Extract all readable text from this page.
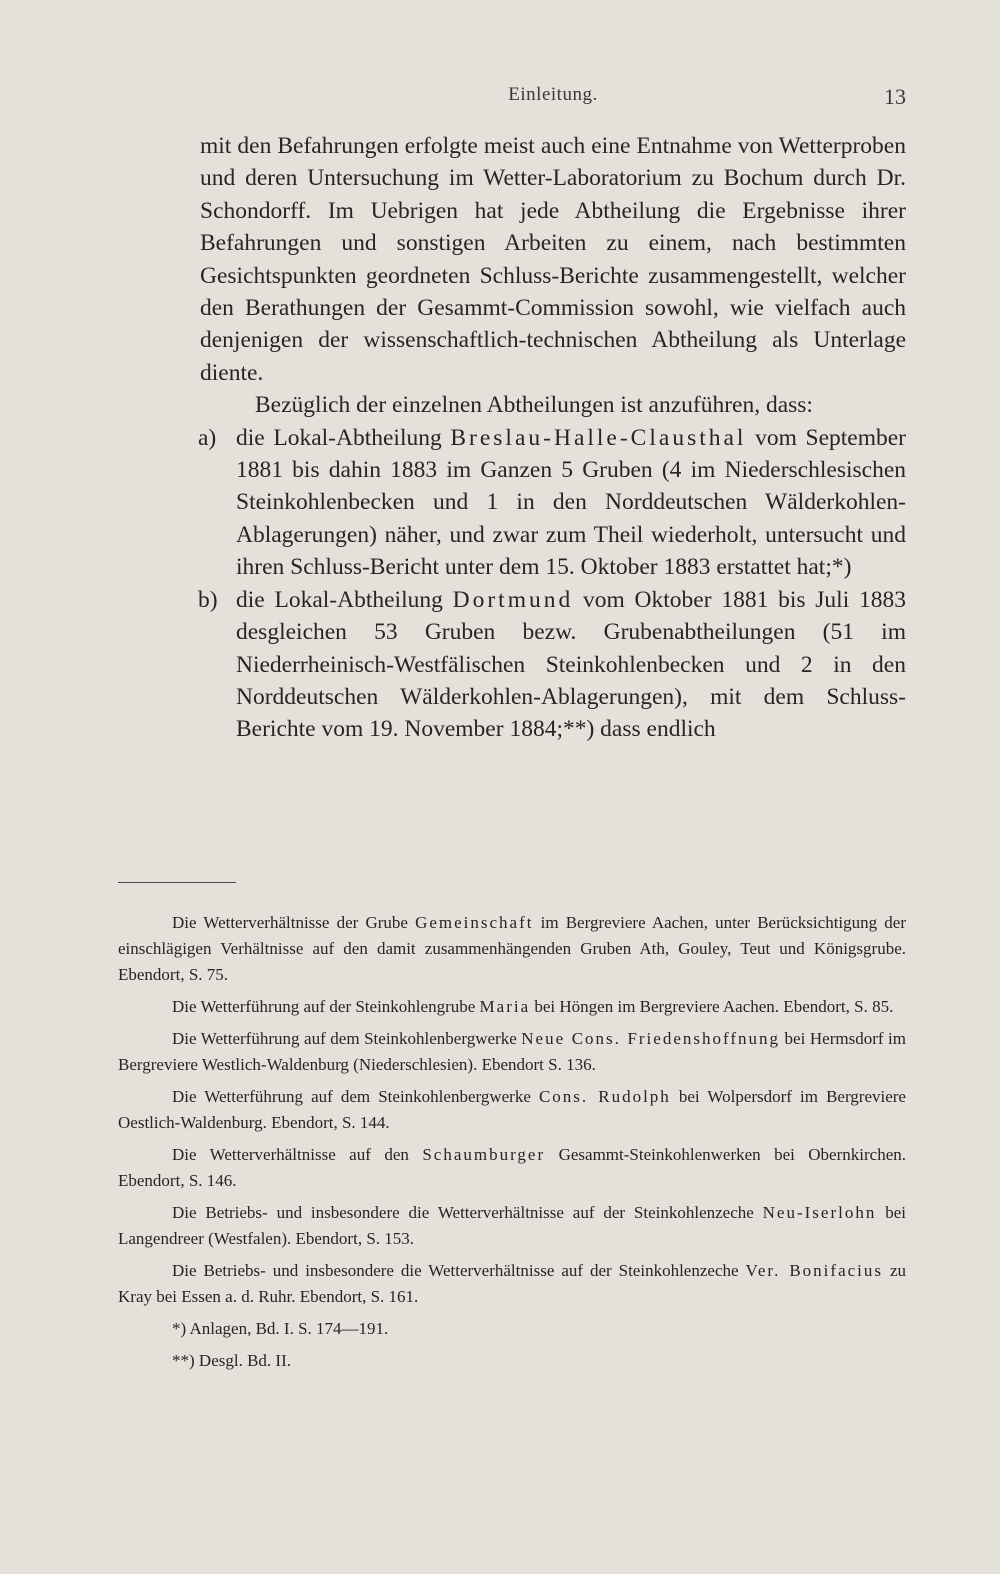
Einleitung.	13

mit den Befahrungen erfolgte meist auch eine Entnahme von Wetterproben und deren Untersuchung im Wetter-Laboratorium zu Bochum durch Dr. Schondorff. Im Uebrigen hat jede Abtheilung die Ergebnisse ihrer Befahrungen und sonstigen Arbeiten zu einem, nach bestimmten Gesichtspunkten geordneten Schluss-Berichte zusammengestellt, welcher den Berathungen der Gesammt-Commission sowohl, wie vielfach auch denjenigen der wissenschaftlich-technischen Abtheilung als Unterlage diente.

Bezüglich der einzelnen Abtheilungen ist anzuführen, dass:

a) die Lokal-Abtheilung Breslau-Halle-Clausthal vom September 1881 bis dahin 1883 im Ganzen 5 Gruben (4 im Niederschlesischen Steinkohlenbecken und 1 in den Norddeutschen Wälderkohlen-Ablagerungen) näher, und zwar zum Theil wiederholt, untersucht und ihren Schluss-Bericht unter dem 15. Oktober 1883 erstattet hat;*)
b) die Lokal-Abtheilung Dortmund vom Oktober 1881 bis Juli 1883 desgleichen 53 Gruben bezw. Grubenabtheilungen (51 im Niederrheinisch-Westfälischen Steinkohlenbecken und 2 in den Norddeutschen Wälderkohlen-Ablagerungen), mit dem Schluss-Berichte vom 19. November 1884;**) dass endlich

Die Wetterverhältnisse der Grube Gemeinschaft im Bergreviere Aachen, unter Berücksichtigung der einschlägigen Verhältnisse auf den damit zusammenhängenden Gruben Ath, Gouley, Teut und Königsgrube. Ebendort, S. 75.

Die Wetterführung auf der Steinkohlengrube Maria bei Höngen im Bergreviere Aachen. Ebendort, S. 85.

Die Wetterführung auf dem Steinkohlenbergwerke Neue Cons. Friedenshoffnung bei Hermsdorf im Bergreviere Westlich-Waldenburg (Niederschlesien). Ebendort S. 136.

Die Wetterführung auf dem Steinkohlenbergwerke Cons. Rudolph bei Wolpersdorf im Bergreviere Oestlich-Waldenburg. Ebendort, S. 144.

Die Wetterverhältnisse auf den Schaumburger Gesammt-Steinkohlenwerken bei Obernkirchen. Ebendort, S. 146.

Die Betriebs- und insbesondere die Wetterverhältnisse auf der Steinkohlenzeche Neu-Iserlohn bei Langendreer (Westfalen). Ebendort, S. 153.

Die Betriebs- und insbesondere die Wetterverhältnisse auf der Steinkohlenzeche Ver. Bonifacius zu Kray bei Essen a. d. Ruhr. Ebendort, S. 161.

*) Anlagen, Bd. I. S. 174—191.

**) Desgl. Bd. II.
